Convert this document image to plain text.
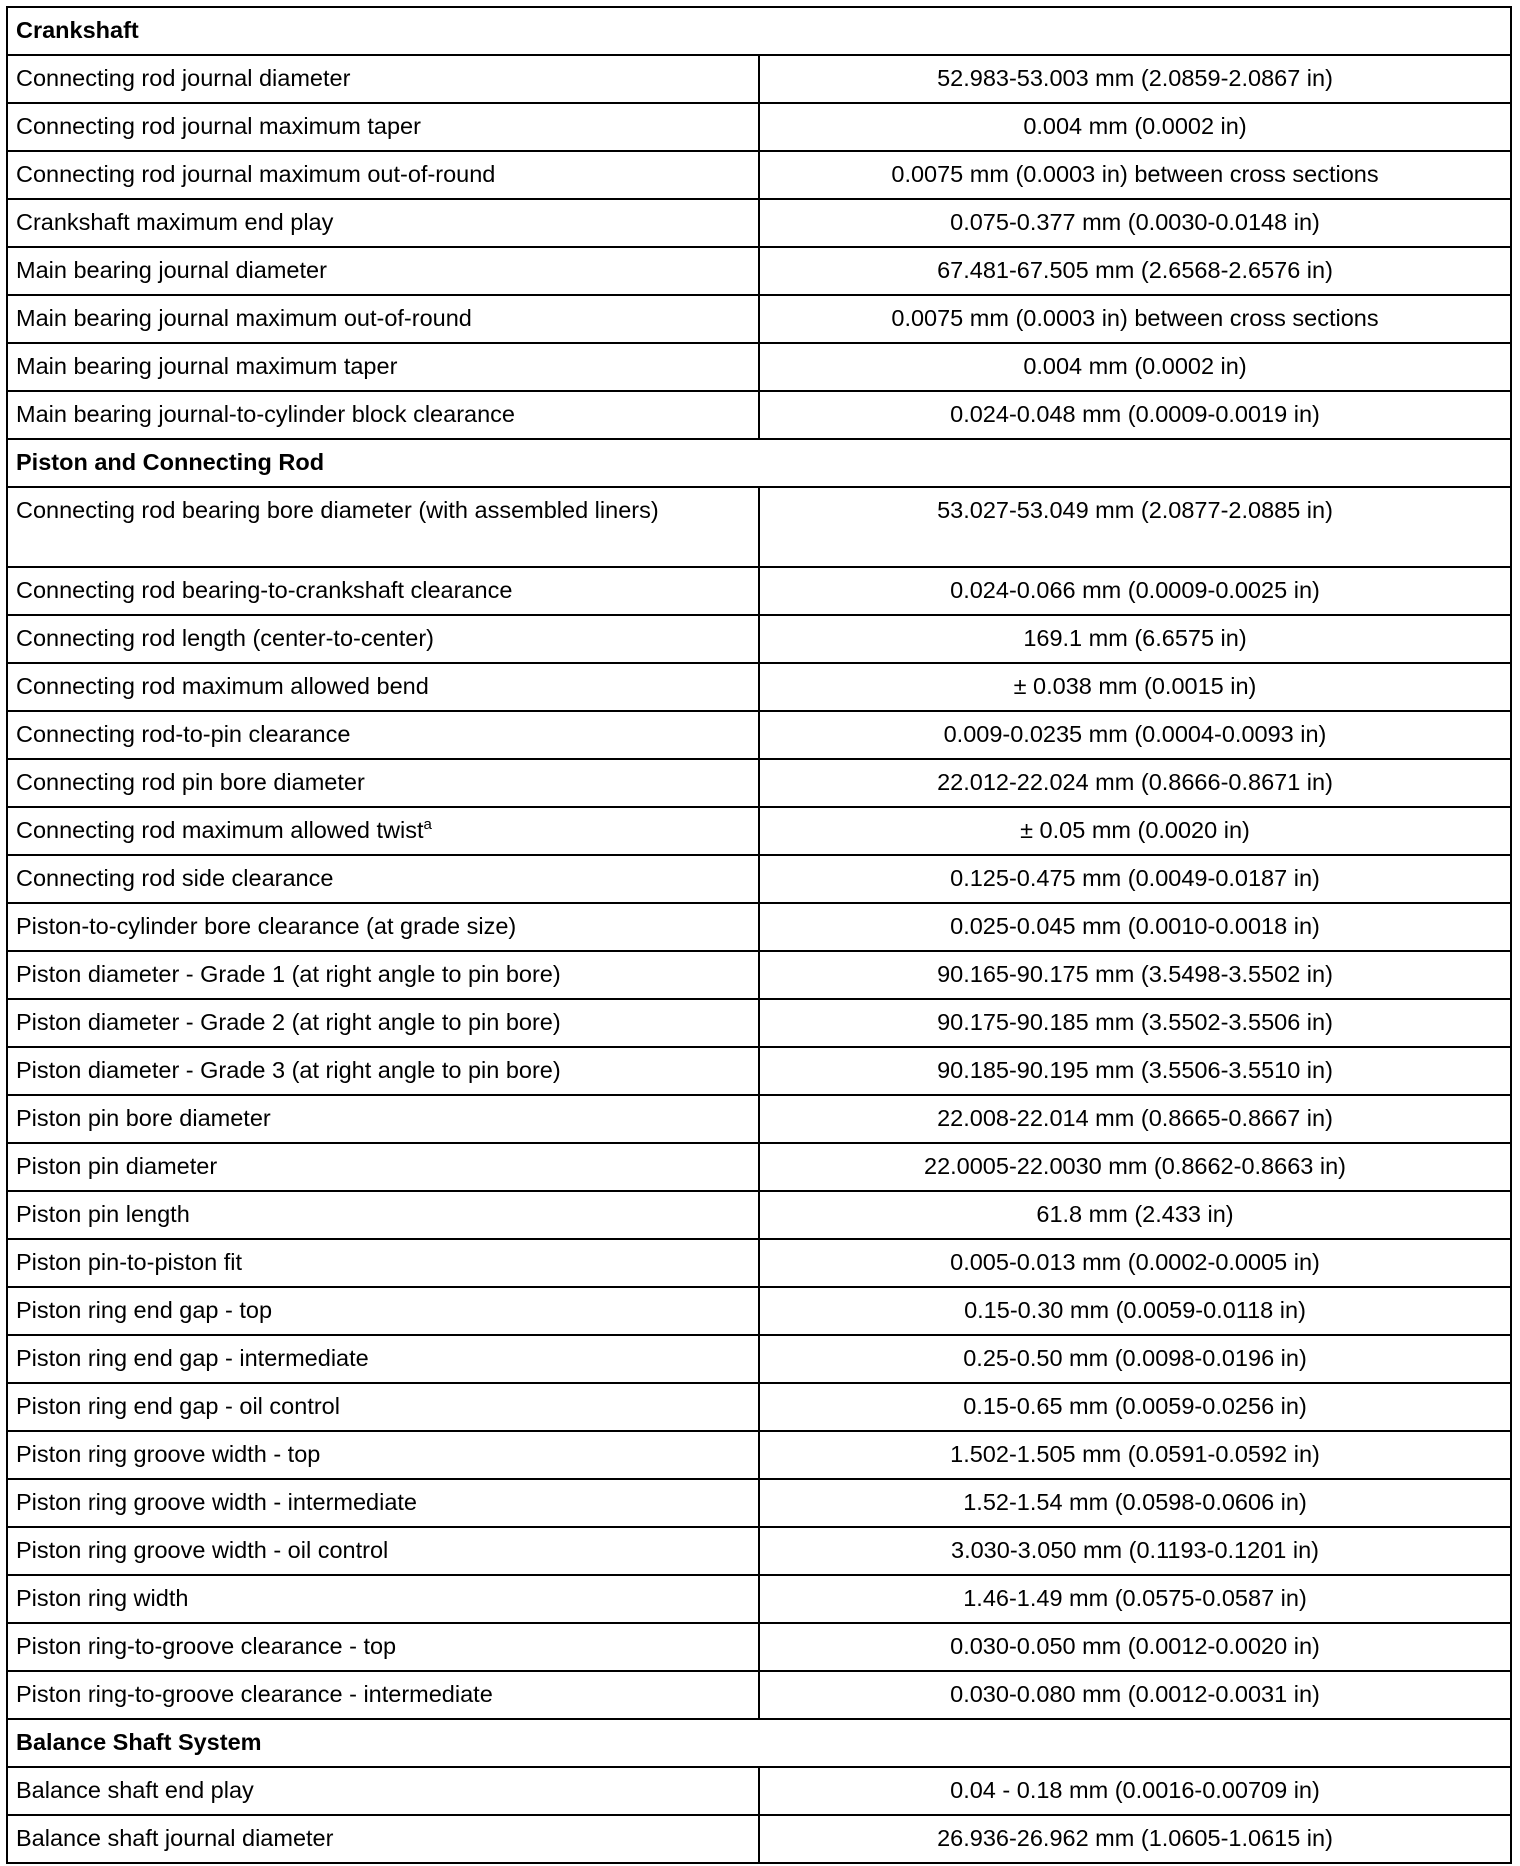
Crankshaft	
Connecting rod journal diameter	52.983-53.003 mm (2.0859-2.0867 in)
Connecting rod journal maximum taper	0.004 mm (0.0002 in)
Connecting rod journal maximum out-of-round	0.0075 mm (0.0003 in) between cross sections
Crankshaft maximum end play	0.075-0.377 mm (0.0030-0.0148 in)
Main bearing journal diameter	67.481-67.505 mm (2.6568-2.6576 in)
Main bearing journal maximum out-of-round	0.0075 mm (0.0003 in) between cross sections
Main bearing journal maximum taper	0.004 mm (0.0002 in)
Main bearing journal-to-cylinder block clearance	0.024-0.048 mm (0.0009-0.0019 in)
Piston and Connecting Rod	
Connecting rod bearing bore diameter (with assembled liners)	53.027-53.049 mm (2.0877-2.0885 in)
Connecting rod bearing-to-crankshaft clearance	0.024-0.066 mm (0.0009-0.0025 in)
Connecting rod length (center-to-center)	169.1 mm (6.6575 in)
Connecting rod maximum allowed bend	± 0.038 mm (0.0015 in)
Connecting rod-to-pin clearance	0.009-0.0235 mm (0.0004-0.0093 in)
Connecting rod pin bore diameter	22.012-22.024 mm (0.8666-0.8671 in)
Connecting rod maximum allowed twist$^a$	± 0.05 mm (0.0020 in)
Connecting rod side clearance	0.125-0.475 mm (0.0049-0.0187 in)
Piston-to-cylinder bore clearance (at grade size)	0.025-0.045 mm (0.0010-0.0018 in)
Piston diameter - Grade 1 (at right angle to pin bore)	90.165-90.175 mm (3.5498-3.5502 in)
Piston diameter - Grade 2 (at right angle to pin bore)	90.175-90.185 mm (3.5502-3.5506 in)
Piston diameter - Grade 3 (at right angle to pin bore)	90.185-90.195 mm (3.5506-3.5510 in)
Piston pin bore diameter	22.008-22.014 mm (0.8665-0.8667 in)
Piston pin diameter	22.0005-22.0030 mm (0.8662-0.8663 in)
Piston pin length	61.8 mm (2.433 in)
Piston pin-to-piston fit	0.005-0.013 mm (0.0002-0.0005 in)
Piston ring end gap - top	0.15-0.30 mm (0.0059-0.0118 in)
Piston ring end gap - intermediate	0.25-0.50 mm (0.0098-0.0196 in)
Piston ring end gap - oil control	0.15-0.65 mm (0.0059-0.0256 in)
Piston ring groove width - top	1.502-1.505 mm (0.0591-0.0592 in)
Piston ring groove width - intermediate	1.52-1.54 mm (0.0598-0.0606 in)
Piston ring groove width - oil control	3.030-3.050 mm (0.1193-0.1201 in)
Piston ring width	1.46-1.49 mm (0.0575-0.0587 in)
Piston ring-to-groove clearance - top	0.030-0.050 mm (0.0012-0.0020 in)
Piston ring-to-groove clearance - intermediate	0.030-0.080 mm (0.0012-0.0031 in)
Balance Shaft System	
Balance shaft end play	0.04 - 0.18 mm (0.0016-0.00709 in)
Balance shaft journal diameter	26.936-26.962 mm (1.0605-1.0615 in)
